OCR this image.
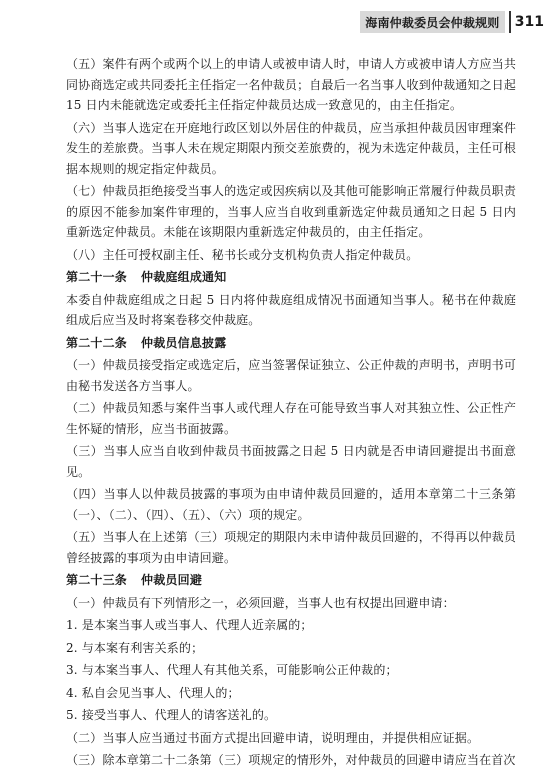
海南仲裁委员会仲裁规则	311

（五）案件有两个或两个以上的申请人或被申请人时，申请人方或被申请人方应当共同协商选定或共同委托主任指定一名仲裁员；自最后一名当事人收到仲裁通知之日起 15 日内未能就选定或委托主任指定仲裁员达成一致意见的，由主任指定。

（六）当事人选定在开庭地行政区划以外居住的仲裁员，应当承担仲裁员因审理案件发生的差旅费。当事人未在规定期限内预交差旅费的，视为未选定仲裁员，主任可根据本规则的规定指定仲裁员。

（七）仲裁员拒绝接受当事人的选定或因疾病以及其他可能影响正常履行仲裁员职责的原因不能参加案件审理的，当事人应当自收到重新选定仲裁员通知之日起 5 日内重新选定仲裁员。未能在该期限内重新选定仲裁员的，由主任指定。

（八）主任可授权副主任、秘书长或分支机构负责人指定仲裁员。

第二十一条 仲裁庭组成通知

本委自仲裁庭组成之日起 5 日内将仲裁庭组成情况书面通知当事人。秘书在仲裁庭组成后应当及时将案卷移交仲裁庭。

第二十二条 仲裁员信息披露

（一）仲裁员接受指定或选定后，应当签署保证独立、公正仲裁的声明书，声明书可由秘书发送各方当事人。

（二）仲裁员知悉与案件当事人或代理人存在可能导致当事人对其独立性、公正性产生怀疑的情形，应当书面披露。

（三）当事人应当自收到仲裁员书面披露之日起 5 日内就是否申请回避提出书面意见。

（四）当事人以仲裁员披露的事项为由申请仲裁员回避的，适用本章第二十三条第（一）、（二）、（四）、（五）、（六）项的规定。

（五）当事人在上述第（三）项规定的期限内未申请仲裁员回避的，不得再以仲裁员曾经披露的事项为由申请回避。

第二十三条 仲裁员回避

（一）仲裁员有下列情形之一，必须回避，当事人也有权提出回避申请：

1. 是本案当事人或当事人、代理人近亲属的；

2. 与本案有利害关系的；

3. 与本案当事人、代理人有其他关系，可能影响公正仲裁的；

4. 私自会见当事人、代理人的；

5. 接受当事人、代理人的请客送礼的。

（二）当事人应当通过书面方式提出回避申请，说明理由，并提供相应证据。

（三）除本章第二十二条第（三）项规定的情形外，对仲裁员的回避申请应当在首次
